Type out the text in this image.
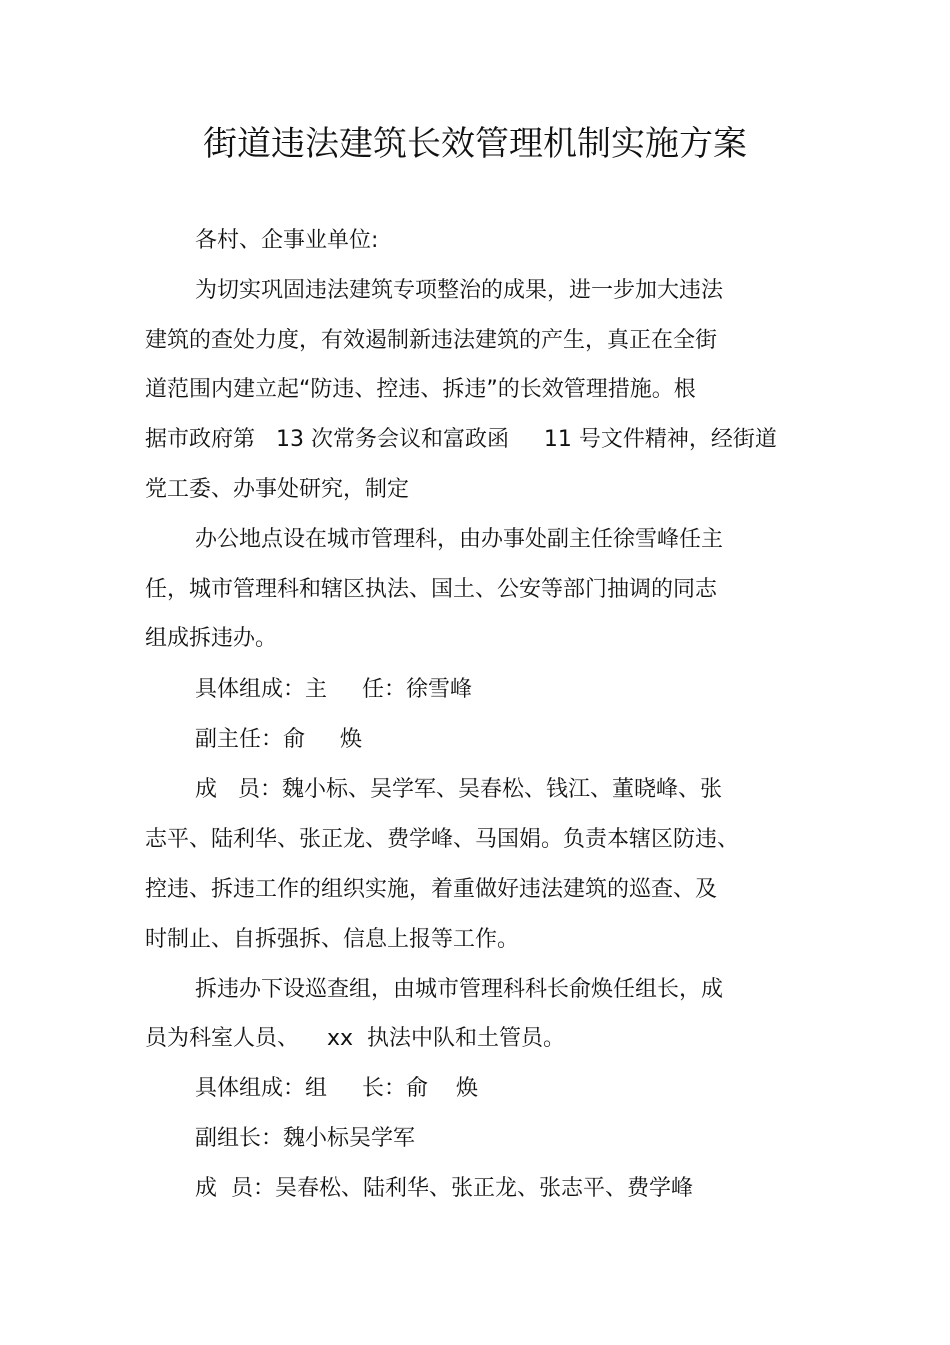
街道违法建筑长效管理机制实施方案
各村、企事业单位:
为切实巩固违法建筑专项整治的成果，进一步加大违法
建筑的查处力度，有效遏制新违法建筑的产生，真正在全街
道范围内建立起“防违、控违、拆违”的长效管理措施。根
据市政府第   13 次常务会议和富政函     11 号文件精神，经街道
党工委、办事处研究，制定
办公地点设在城市管理科，由办事处副主任徐雪峰任主
任，城市管理科和辖区执法、国土、公安等部门抽调的同志
组成拆违办。
具体组成：主     任：徐雪峰
副主任：俞     焕
成   员：魏小标、吴学军、吴春松、钱江、董晓峰、张
志平、陆利华、张正龙、费学峰、马国娟。负责本辖区防违、
控违、拆违工作的组织实施，着重做好违法建筑的巡查、及
时制止、自拆强拆、信息上报等工作。
拆违办下设巡查组，由城市管理科科长俞焕任组长，成
员为科室人员、    xx  执法中队和土管员。
具体组成：组     长：俞    焕
副组长：魏小标吴学军
成  员：吴春松、陆利华、张正龙、张志平、费学峰
